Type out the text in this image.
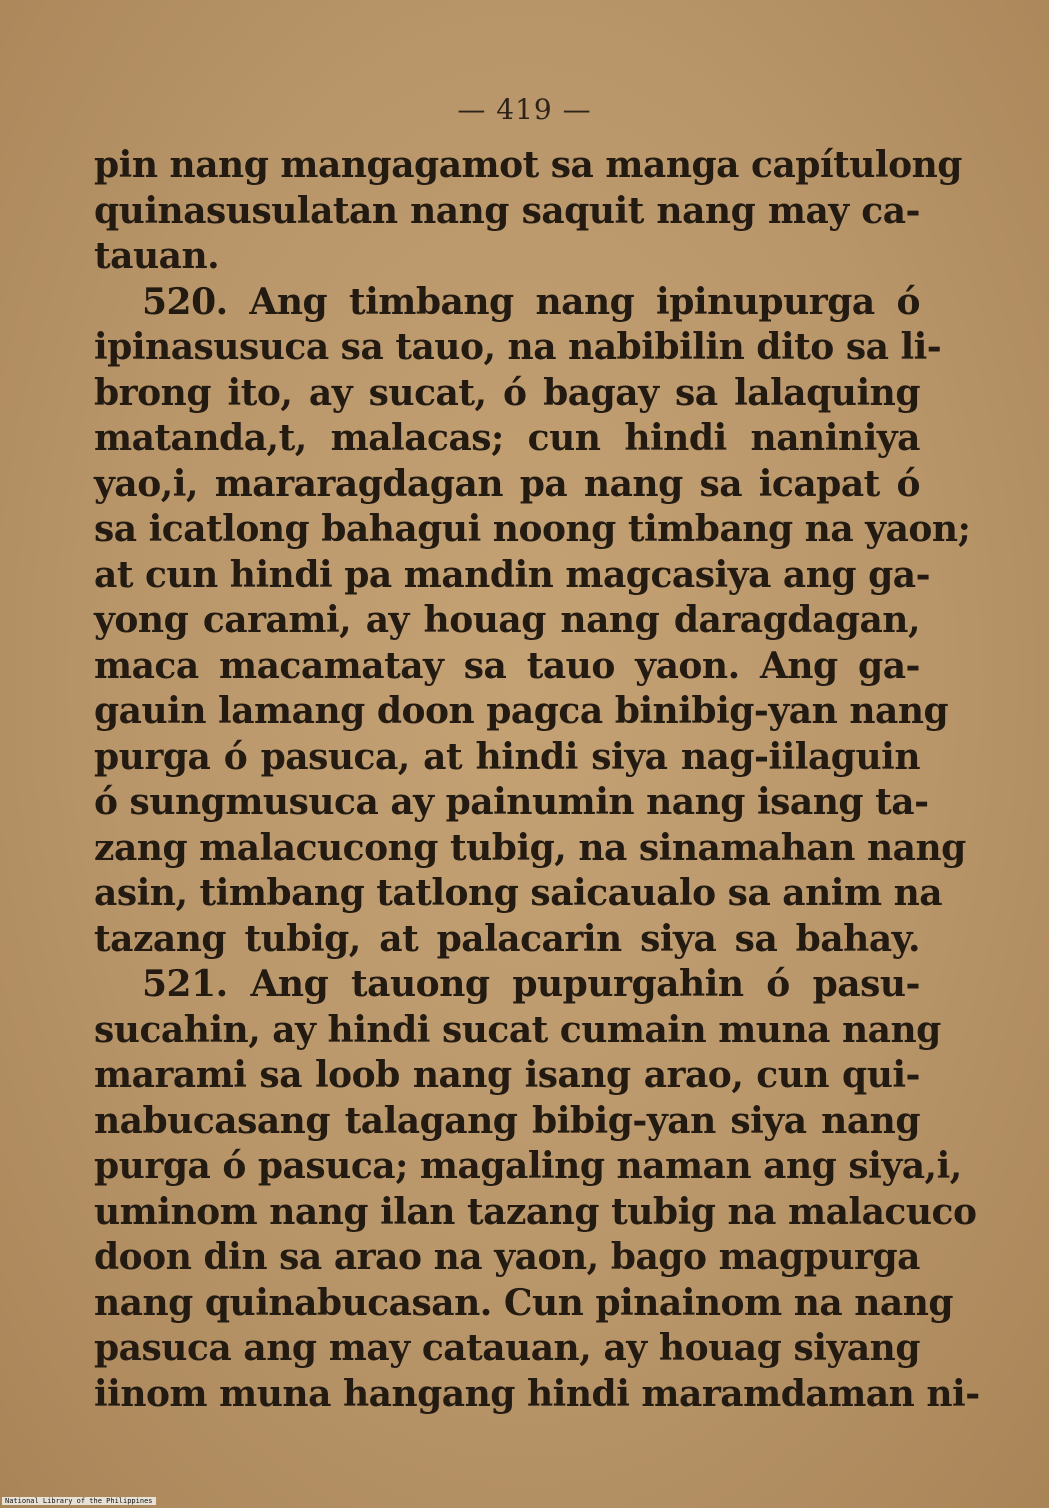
— 419 —
pin nang mangagamot sa manga capítulong
quinasusulatan nang saquit nang may ca-
tauan.
520. Ang timbang nang ipinupurga ó
ipinasusuca sa tauo, na nabibilin dito sa li-
brong ito, ay sucat, ó bagay sa lalaquing
matanda,t, malacas; cun hindi naniniya
yao,i, mararagdagan pa nang sa icapat ó
sa icatlong bahagui noong timbang na yaon;
at cun hindi pa mandin magcasiya ang ga-
yong carami, ay houag nang daragdagan,
maca macamatay sa tauo yaon. Ang ga-
gauin lamang doon pagca binibig-yan nang
purga ó pasuca, at hindi siya nag-iilaguin
ó sungmusuca ay painumin nang isang ta-
zang malacucong tubig, na sinamahan nang
asin, timbang tatlong saicaualo sa anim na
tazang tubig, at palacarin siya sa bahay.
521. Ang tauong pupurgahin ó pasu-
sucahin, ay hindi sucat cumain muna nang
marami sa loob nang isang arao, cun qui-
nabucasang talagang bibig-yan siya nang
purga ó pasuca; magaling naman ang siya,i,
uminom nang ilan tazang tubig na malacuco
doon din sa arao na yaon, bago magpurga
nang quinabucasan. Cun pinainom na nang
pasuca ang may catauan, ay houag siyang
iinom muna hangang hindi maramdaman ni-
National Library of the Philippines
